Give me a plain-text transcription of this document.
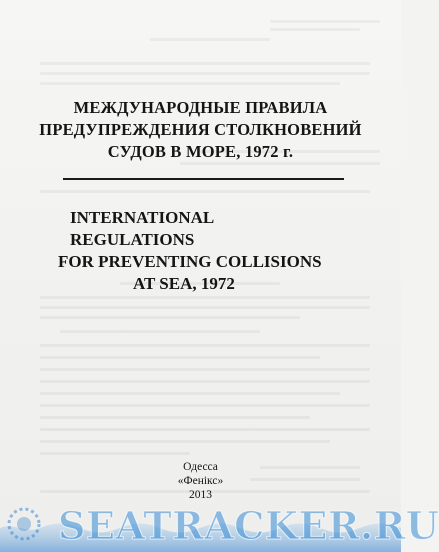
МЕЖДУНАРОДНЫЕ ПРАВИЛА
ПРЕДУПРЕЖДЕНИЯ СТОЛКНОВЕНИЙ
СУДОВ В МОРЕ, 1972 г.
INTERNATIONAL REGULATIONS
FOR PREVENTING COLLISIONS
AT SEA, 1972
Одесса
«Фенікс»
2013
SEATRACKER.RU
